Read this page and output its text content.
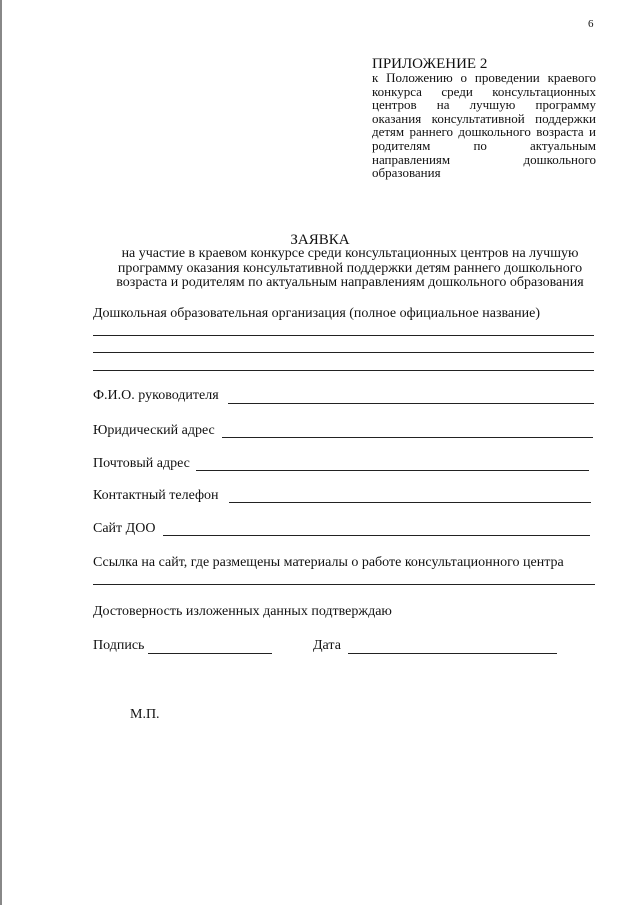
6
ПРИЛОЖЕНИЕ 2
к Положению о проведении краевого конкурса среди консультационных центров на лучшую программу оказания консультативной поддержки детям раннего дошкольного возраста и родителям по актуальным направлениям дошкольного образования
ЗАЯВКА
на участие в краевом конкурсе среди консультационных центров на лучшую
программу оказания консультативной поддержки детям раннего дошкольного
возраста и родителям по актуальным направлениям дошкольного образования
Дошкольная образовательная организация (полное официальное название)
Ф.И.О. руководителя
Юридический адрес
Почтовый адрес
Контактный телефон
Сайт ДОО
Ссылка на сайт, где размещены материалы о работе консультационного центра
Достоверность изложенных данных подтверждаю
Подпись	Дата
М.П.
